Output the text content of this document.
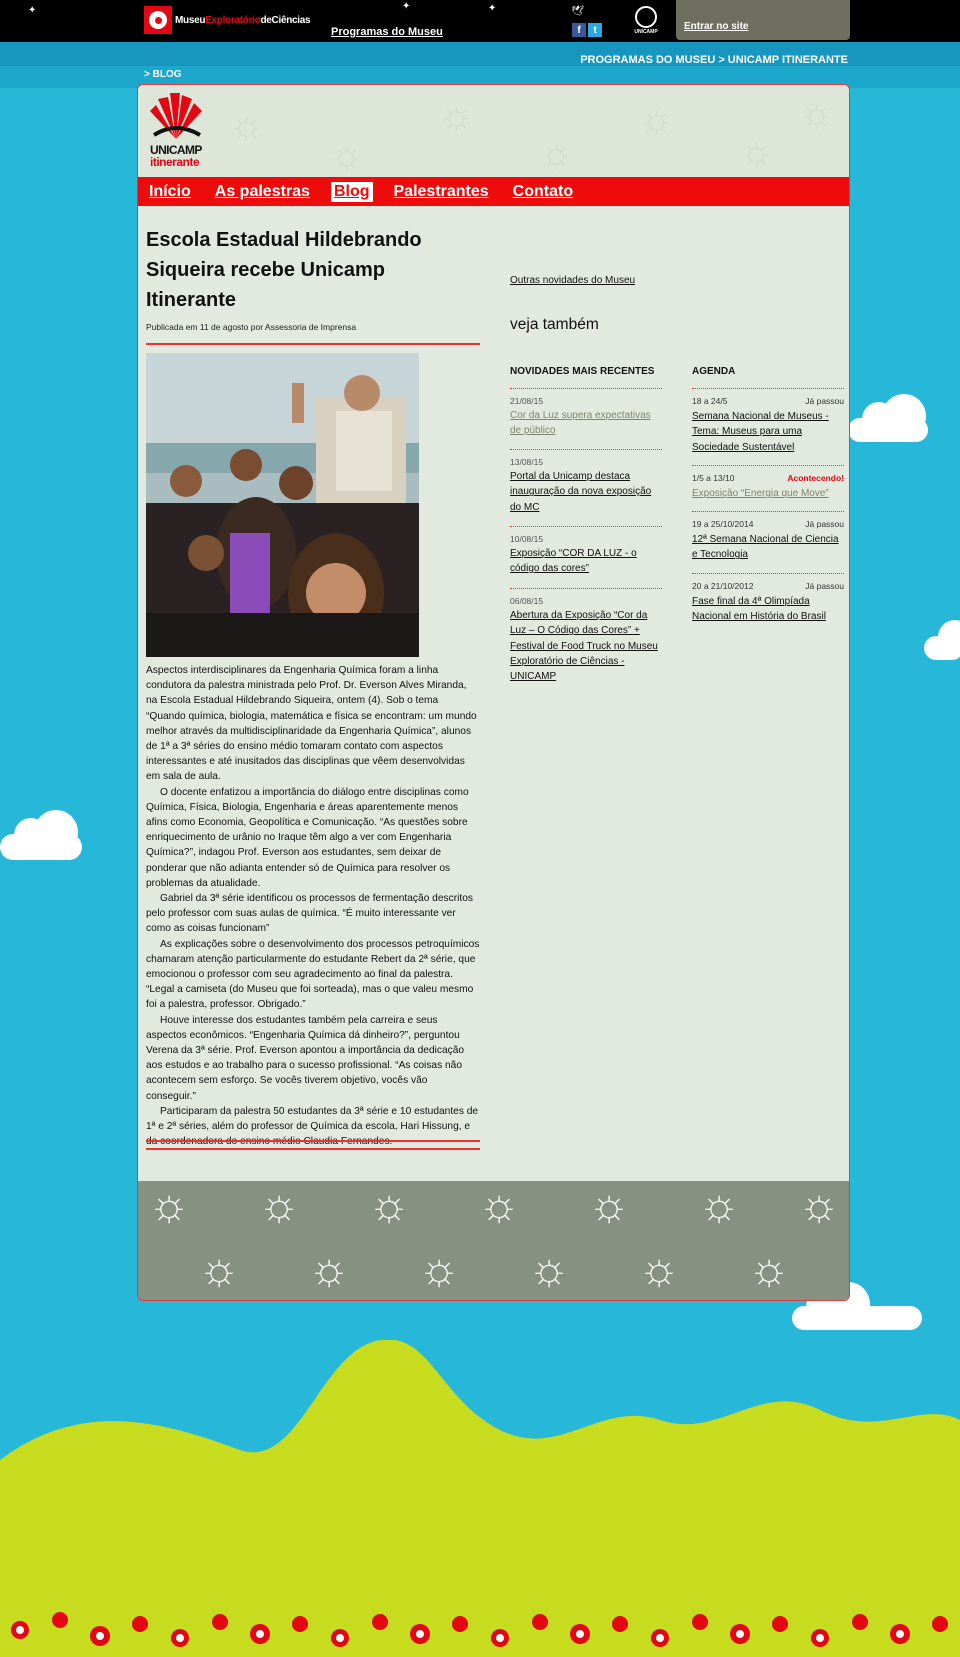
✦	✦	✦
MuseuExploratóriodeCiências
Programas do Museu
🕊
f	t	UNICAMP	Entrar no site
PROGRAMAS DO MUSEU > UNICAMP ITINERANTE
> BLOG
☼
☼
☼
☼
☼
☼
☼
UNICAMP
itinerante
Início As palestras Blog Palestrantes Contato
Escola Estadual Hildebrando Siqueira recebe Unicamp Itinerante
Publicada em 11 de agosto por Assessoria de Imprensa

Aspectos interdisciplinares da Engenharia Química foram a linha condutora da palestra ministrada pelo Prof. Dr. Everson Alves Miranda, na Escola Estadual Hildebrando Siqueira, ontem (4). Sob o tema “Quando química, biologia, matemática e física se encontram: um mundo melhor através da multidisciplinaridade da Engenharia Química”, alunos de 1ª a 3ª séries do ensino médio tomaram contato com aspectos interessantes e até inusitados das disciplinas que vêem desenvolvidas em sala de aula.

O docente enfatizou a importância do diálogo entre disciplinas como Química, Física, Biologia, Engenharia e áreas aparentemente menos afins como Economia, Geopolítica e Comunicação. “As questões sobre enriquecimento de urânio no Iraque têm algo a ver com Engenharia Química?”, indagou Prof. Everson aos estudantes, sem deixar de ponderar que não adianta entender só de Química para resolver os problemas da atualidade.

Gabriel da 3ª série identificou os processos de fermentação descritos pelo professor com suas aulas de química. “É muito interessante ver como as coisas funcionam”

As explicações sobre o desenvolvimento dos processos petroquímicos chamaram atenção particularmente do estudante Rebert da 2ª série, que emocionou o professor com seu agradecimento ao final da palestra. “Legal a camiseta (do Museu que foi sorteada), mas o que valeu mesmo foi a palestra, professor. Obrigado.”

Houve interesse dos estudantes também pela carreira e seus aspectos econômicos. “Engenharia Química dá dinheiro?”, perguntou Verena da 3ª série. Prof. Everson apontou a importância da dedicação aos estudos e ao trabalho para o sucesso profissional. “As coisas não acontecem sem esforço. Se vocês tiverem objetivo, vocês vão conseguir.”

Participaram da palestra 50 estudantes da 3ª série e 10 estudantes de 1ª e 2ª séries, além do professor de Química da escola, Hari Hissung, e

Outras novidades do Museu
veja também
NOVIDADES MAIS RECENTES	AGENDA
21/08/15
Cor da Luz supera expectativas de público
13/08/15
Portal da Unicamp destaca inauguração da nova exposição do MC
10/08/15
Exposição “COR DA LUZ - o código das cores”
06/08/15
Abertura da Exposição “Cor da Luz – O Código das Cores” + Festival de Food Truck no Museu Exploratório de Ciências - UNICAMP
18 a 24/5	Já passou
Semana Nacional de Museus - Tema: Museus para uma Sociedade Sustentável
1/5 a 13/10	Acontecendo!
Exposição “Energia que Move”
19 a 25/10/2014	Já passou
12ª Semana Nacional de Ciencia e Tecnologia
20 a 21/10/2012	Já passou
Fase final da 4ª Olimpíada Nacional em História do Brasil
☼ ☼ ☼ ☼ ☼ ☼ ☼
☼ ☼ ☼ ☼ ☼ ☼
